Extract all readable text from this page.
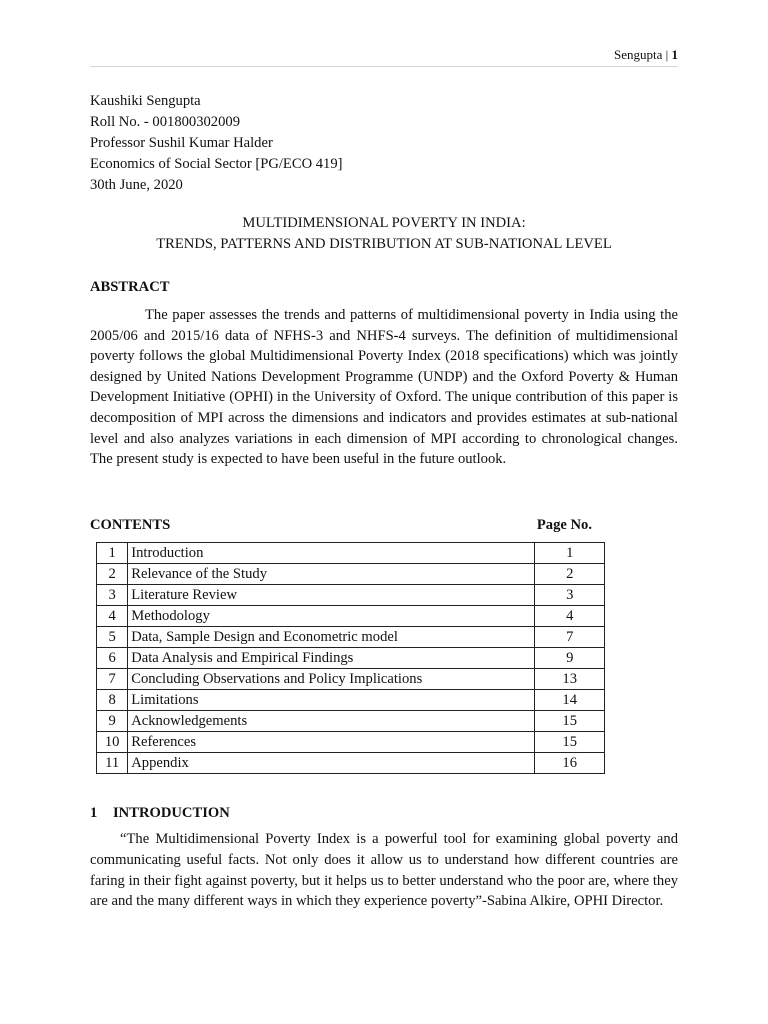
Sengupta | 1
Kaushiki Sengupta
Roll No. - 001800302009
Professor Sushil Kumar Halder
Economics of Social Sector [PG/ECO 419]
30th June, 2020
MULTIDIMENSIONAL POVERTY IN INDIA:
TRENDS, PATTERNS AND DISTRIBUTION AT SUB-NATIONAL LEVEL
ABSTRACT

The paper assesses the trends and patterns of multidimensional poverty in India using the 2005/06 and 2015/16 data of NFHS-3 and NHFS-4 surveys. The definition of multidimensional poverty follows the global Multidimensional Poverty Index (2018 specifications) which was jointly designed by United Nations Development Programme (UNDP) and the Oxford Poverty & Human Development Initiative (OPHI) in the University of Oxford. The unique contribution of this paper is decomposition of MPI across the dimensions and indicators and provides estimates at sub-national level and also analyzes variations in each dimension of MPI according to chronological changes. The present study is expected to have been useful in the future outlook.

CONTENTS	Page No.
1	Introduction	1
2	Relevance of the Study	2
3	Literature Review	3
4	Methodology	4
5	Data, Sample Design and Econometric model	7
6	Data Analysis and Empirical Findings	9
7	Concluding Observations and Policy Implications	13
8	Limitations	14
9	Acknowledgements	15
10	References	15
11	Appendix	16
1 INTRODUCTION

“The Multidimensional Poverty Index is a powerful tool for examining global poverty and communicating useful facts. Not only does it allow us to understand how different countries are faring in their fight against poverty, but it helps us to better understand who the poor are, where they are and the many different ways in which they experience poverty”-Sabina Alkire, OPHI Director.
